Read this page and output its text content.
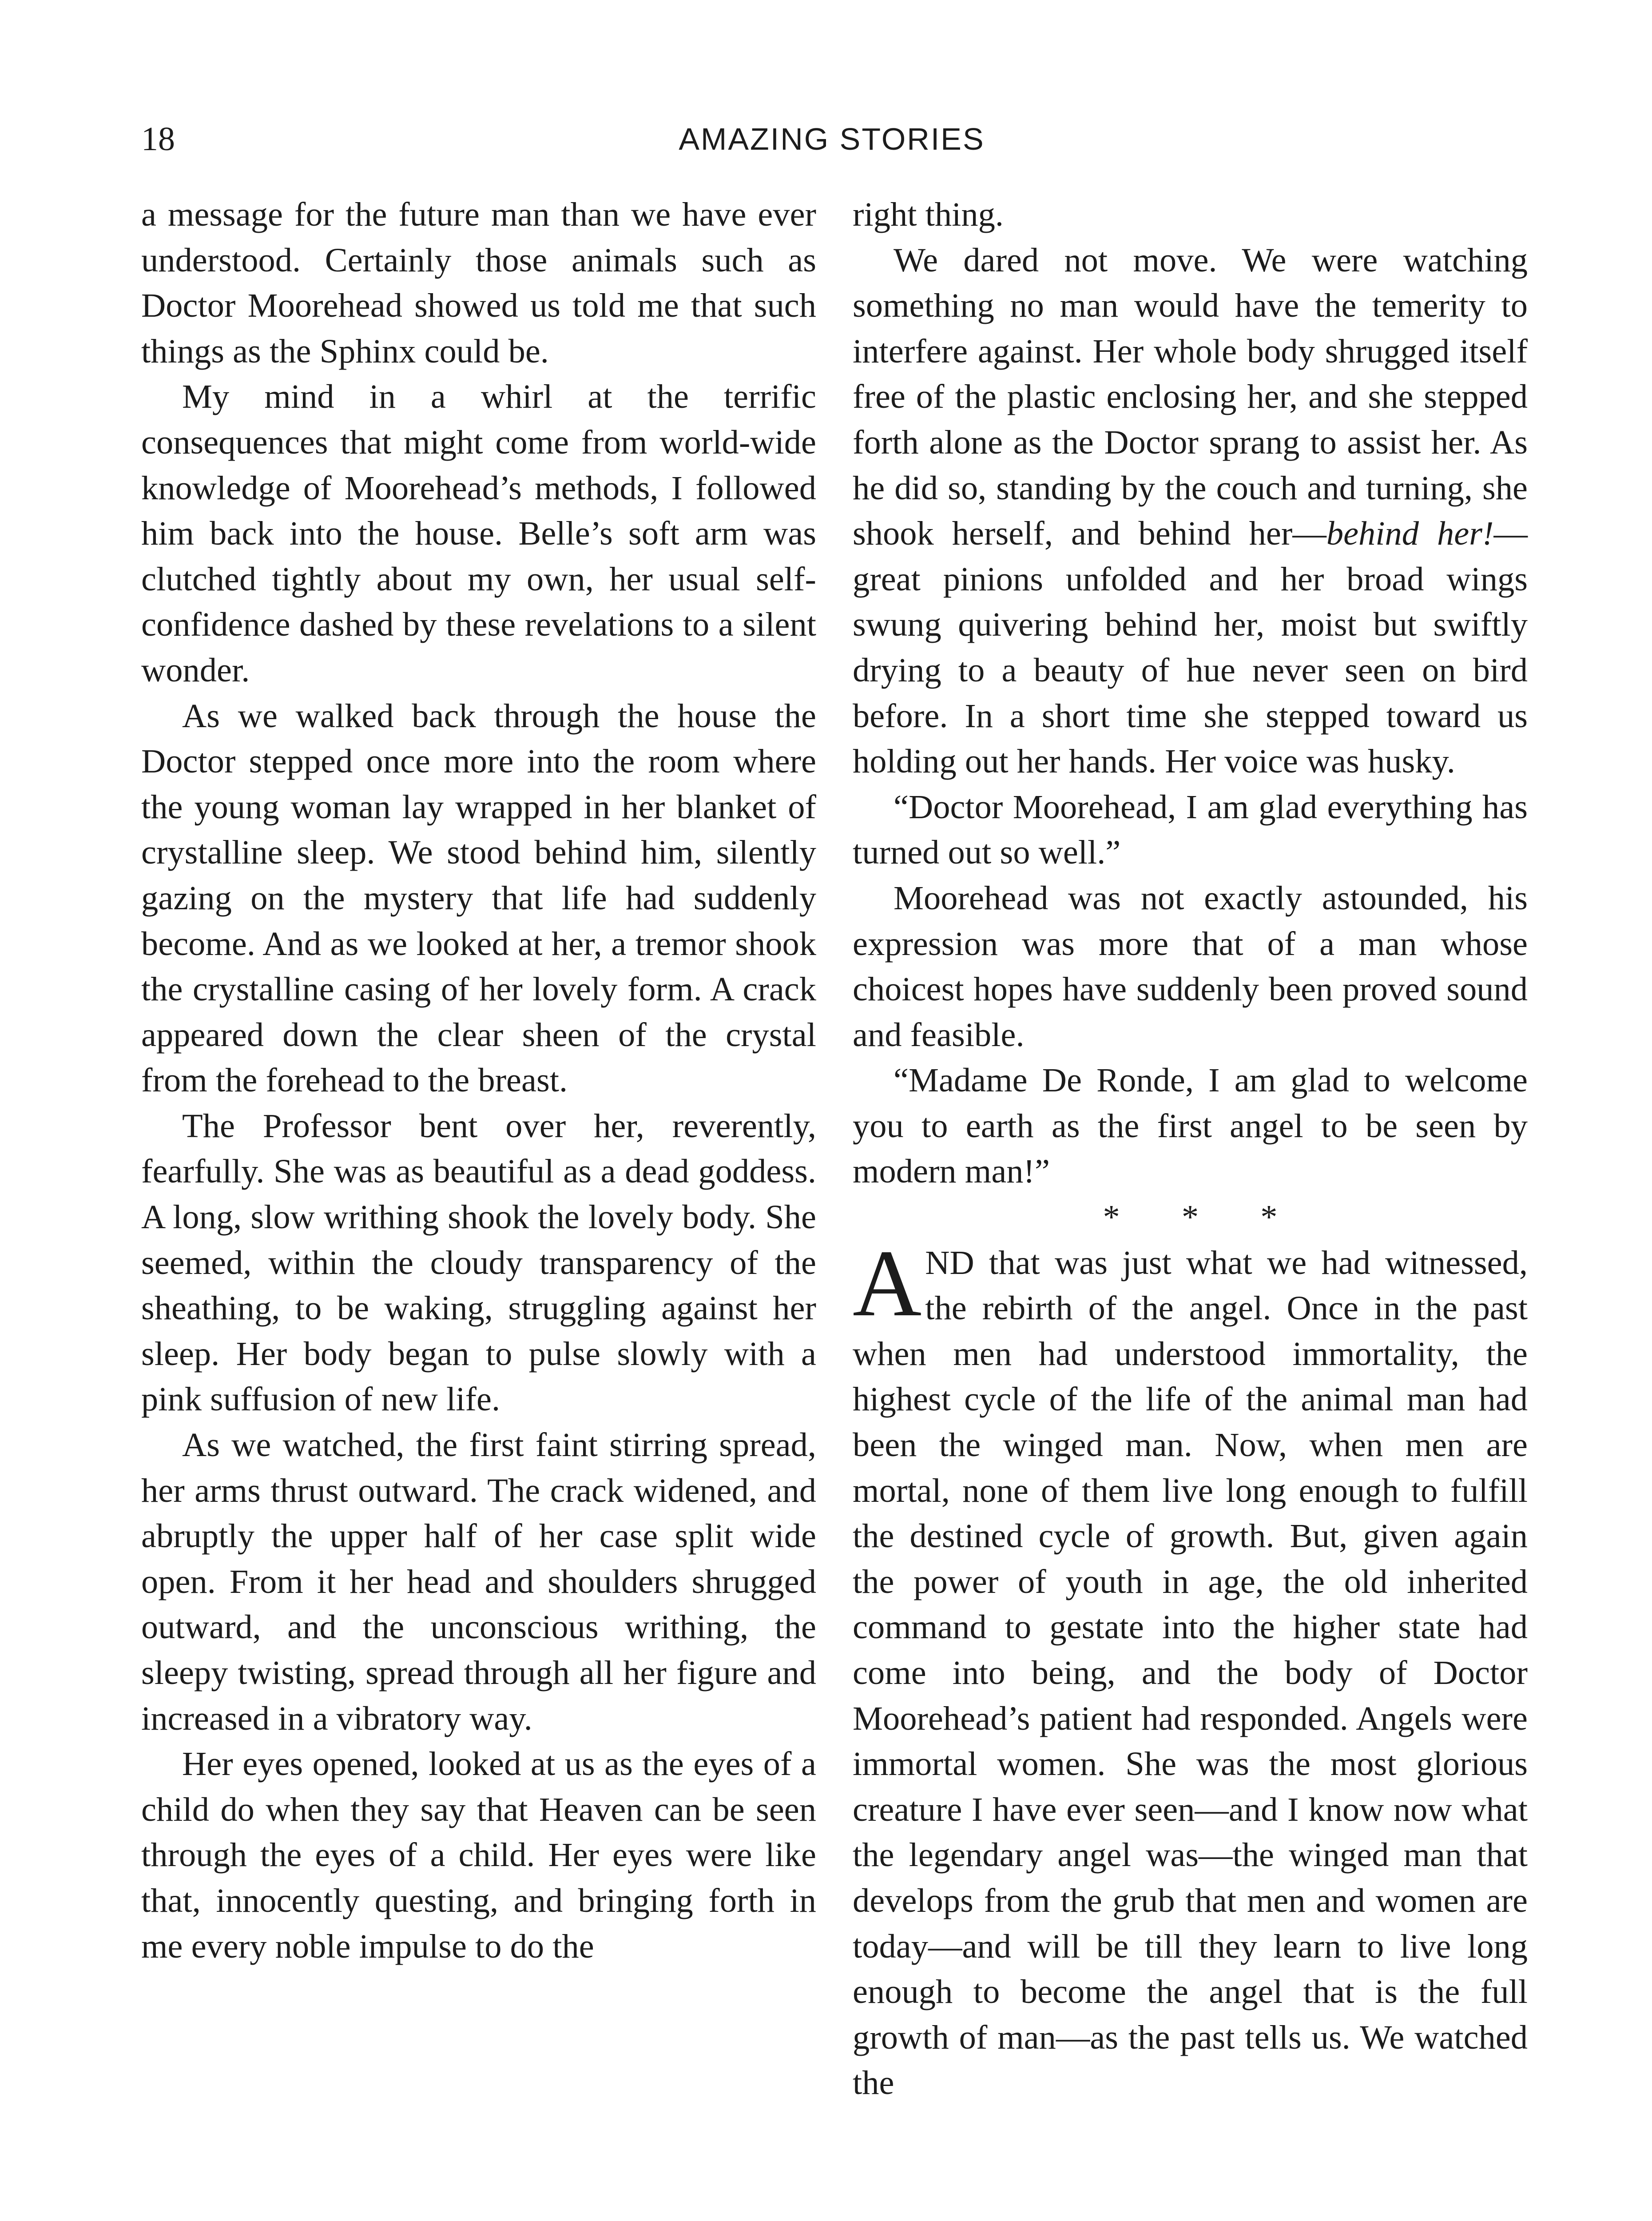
18	AMAZING STORIES

a message for the future man than we have ever understood. Certainly those animals such as Doctor Moorehead showed us told me that such things as the Sphinx could be.

My mind in a whirl at the terrific consequences that might come from world-wide knowledge of Moorehead’s methods, I followed him back into the house. Belle’s soft arm was clutched tightly about my own, her usual self-confidence dashed by these revelations to a silent wonder.

As we walked back through the house the Doctor stepped once more into the room where the young woman lay wrapped in her blanket of crystalline sleep. We stood behind him, silently gazing on the mystery that life had suddenly become. And as we looked at her, a tremor shook the crystalline casing of her lovely form. A crack appeared down the clear sheen of the crystal from the forehead to the breast.

The Professor bent over her, reverently, fearfully. She was as beautiful as a dead goddess. A long, slow writhing shook the lovely body. She seemed, within the cloudy transparency of the sheathing, to be waking, struggling against her sleep. Her body began to pulse slowly with a pink suffusion of new life.

As we watched, the first faint stirring spread, her arms thrust outward. The crack widened, and abruptly the upper half of her case split wide open. From it her head and shoulders shrugged outward, and the unconscious writhing, the sleepy twisting, spread through all her figure and increased in a vibratory way.

Her eyes opened, looked at us as the eyes of a child do when they say that Heaven can be seen through the eyes of a child. Her eyes were like that, innocently questing, and bringing forth in me every noble impulse to do the

right thing.

We dared not move. We were watching something no man would have the temerity to interfere against. Her whole body shrugged itself free of the plastic enclosing her, and she stepped forth alone as the Doctor sprang to assist her. As he did so, standing by the couch and turning, she shook herself, and behind her—behind her!—great pinions unfolded and her broad wings swung quivering behind her, moist but swiftly drying to a beauty of hue never seen on bird before. In a short time she stepped toward us holding out her hands. Her voice was husky.

“Doctor Moorehead, I am glad everything has turned out so well.”

Moorehead was not exactly astounded, his expression was more that of a man whose choicest hopes have suddenly been proved sound and feasible.

“Madame De Ronde, I am glad to welcome you to earth as the first angel to be seen by modern man!”

* * *

AND that was just what we had witnessed, the rebirth of the angel. Once in the past when men had understood immortality, the highest cycle of the life of the animal man had been the winged man. Now, when men are mortal, none of them live long enough to fulfill the destined cycle of growth. But, given again the power of youth in age, the old inherited command to gestate into the higher state had come into being, and the body of Doctor Moorehead’s patient had responded. Angels were immortal women. She was the most glorious creature I have ever seen—and I know now what the legendary angel was—the winged man that develops from the grub that men and women are today—and will be till they learn to live long enough to become the angel that is the full growth of man—as the past tells us. We watched the
